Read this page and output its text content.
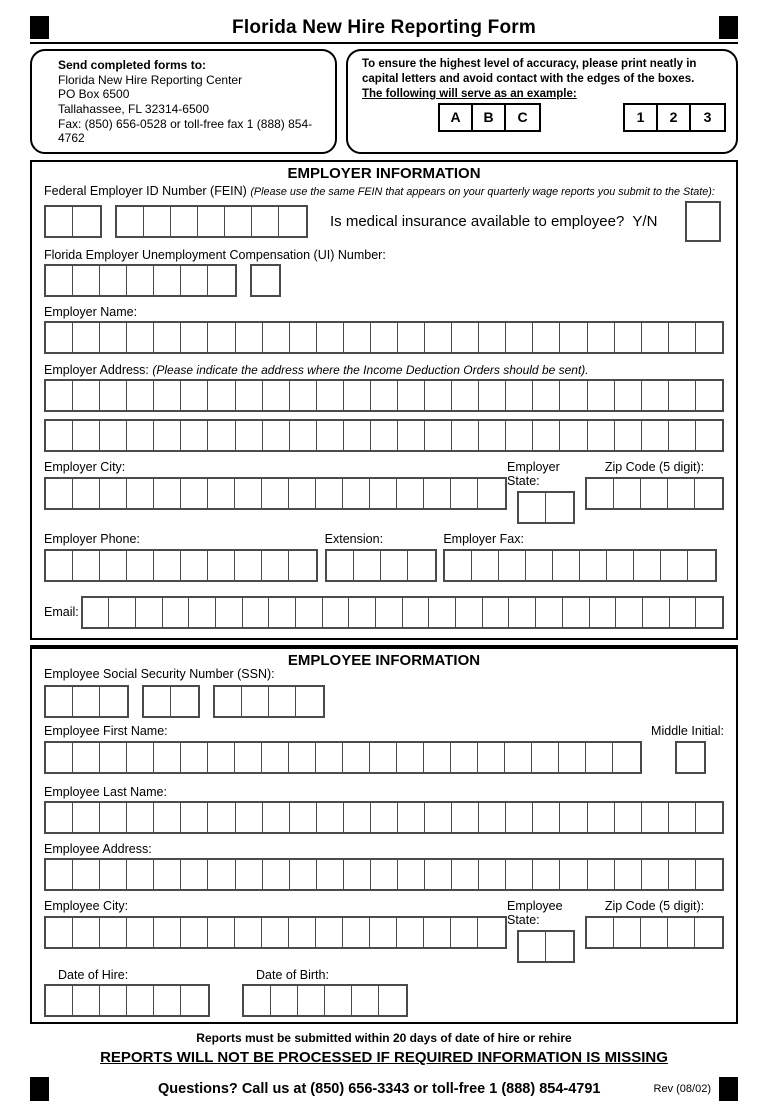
Florida New Hire Reporting Form
Send completed forms to:
Florida New Hire Reporting Center
PO Box 6500
Tallahassee, FL 32314-6500
Fax: (850) 656-0528 or toll-free fax 1 (888) 854-4762
To ensure the highest level of accuracy, please print neatly in
capital letters and avoid contact with the edges of the boxes.
The following will serve as an example:
A	B	C	1	2	3
EMPLOYER INFORMATION
Federal Employer ID Number (FEIN) (Please use the same FEIN that appears on your quarterly wage reports you submit to the State):
Is medical insurance available to employee?  Y/N
Florida Employer Unemployment Compensation (UI) Number:
Employer Name:
Employer Address: (Please indicate the address where the Income Deduction Orders should be sent).
Employer City:	Employer State:
Zip Code (5 digit):
Employer Phone:	Extension:	Employer Fax:
Email:
EMPLOYEE INFORMATION
Employee Social Security Number (SSN):
Employee First Name:	Middle Initial:
Employee Last Name:
Employee Address:
Employee City:	Employee State:
Zip Code (5 digit):
Date of Hire:	Date of Birth:
Reports must be submitted within 20 days of date of hire or rehire
REPORTS WILL NOT BE PROCESSED IF REQUIRED INFORMATION IS MISSING
Questions? Call us at (850) 656-3343 or toll-free 1 (888) 854-4791	Rev (08/02)
